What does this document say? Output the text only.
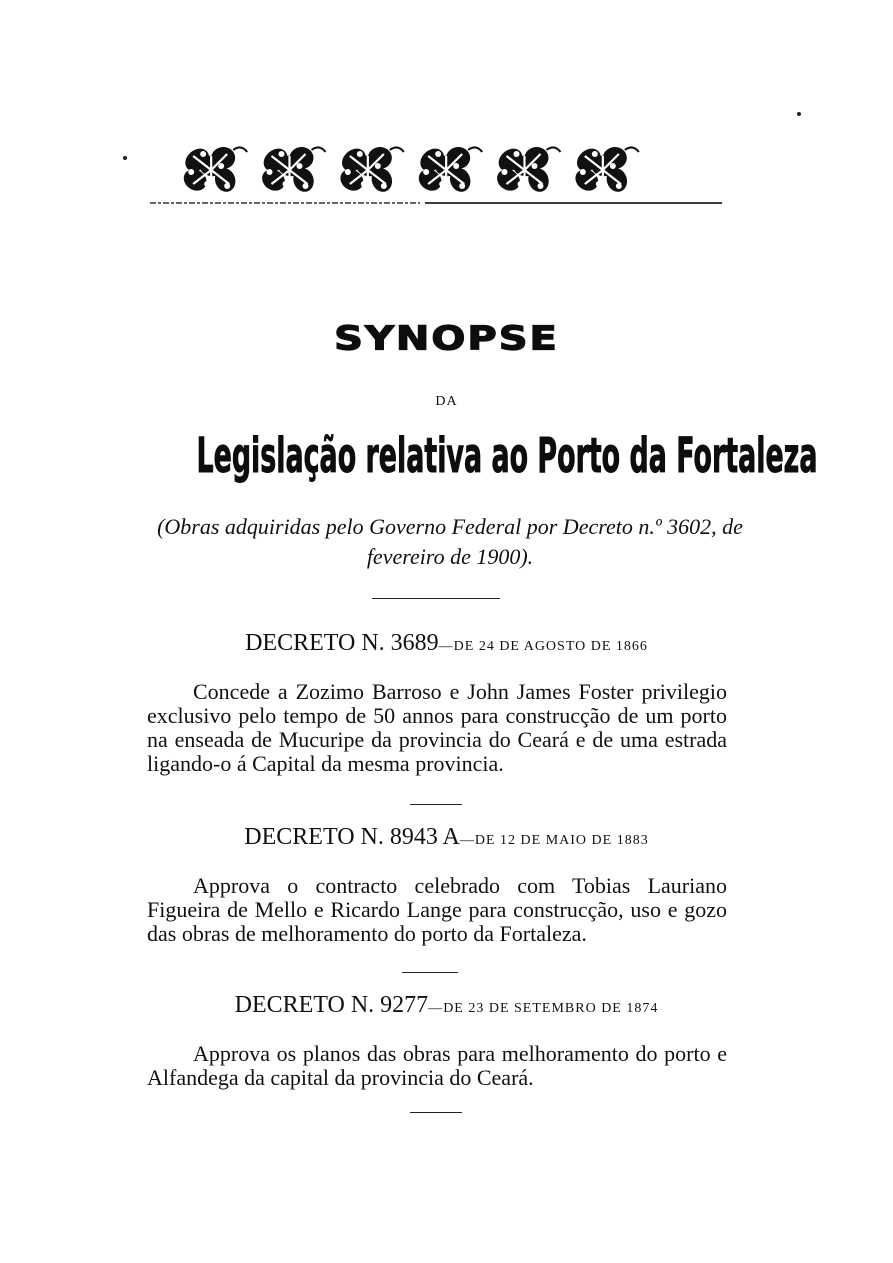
SYNOPSE
DA
Legislação relativa ao Porto da Fortaleza
(Obras adquiridas pelo Governo Federal por Decreto n.º 3602, de fevereiro de 1900).
DECRETO N. 3689—DE 24 DE AGOSTO DE 1866
Concede a Zozimo Barroso e John James Foster privilegio exclusivo pelo tempo de 50 annos para construcção de um porto na enseada de Mucuripe da provincia do Ceará e de uma estrada ligando-o á Capital da mesma provincia.
DECRETO N. 8943 A—DE 12 DE MAIO DE 1883
Approva o contracto celebrado com Tobias Lauriano Figueira de Mello e Ricardo Lange para construcção, uso e gozo das obras de melhoramento do porto da Fortaleza.
DECRETO N. 9277—DE 23 DE SETEMBRO DE 1874
Approva os planos das obras para melhoramento do porto e Alfandega da capital da provincia do Ceará.
